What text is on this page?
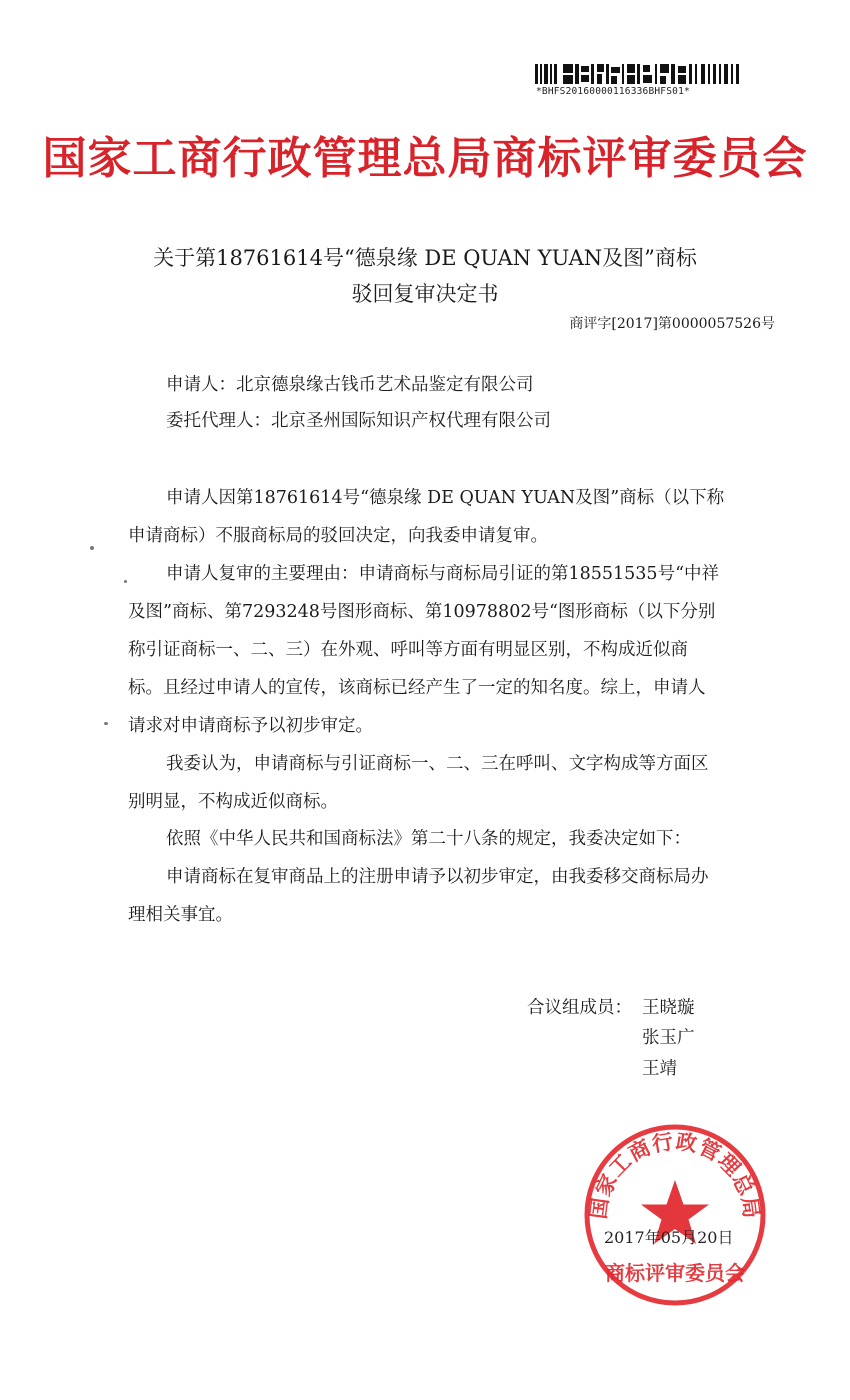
*BHFS20160000116336BHFS01*
国家工商行政管理总局商标评审委员会
关于第18761614号“德泉缘 DE QUAN YUAN及图”商标
驳回复审决定书
商评字[2017]第0000057526号
申请人：北京德泉缘古钱币艺术品鉴定有限公司
委托代理人：北京圣州国际知识产权代理有限公司
申请人因第18761614号“德泉缘 DE QUAN YUAN及图”商标（以下称
申请商标）不服商标局的驳回决定，向我委申请复审。
申请人复审的主要理由：申请商标与商标局引证的第18551535号“中祥
及图”商标、第7293248号图形商标、第10978802号“图形商标（以下分别
称引证商标一、二、三）在外观、呼叫等方面有明显区别，不构成近似商
标。且经过申请人的宣传，该商标已经产生了一定的知名度。综上，申请人
请求对申请商标予以初步审定。
我委认为，申请商标与引证商标一、二、三在呼叫、文字构成等方面区
别明显，不构成近似商标。
依照《中华人民共和国商标法》第二十八条的规定，我委决定如下：
申请商标在复审商品上的注册申请予以初步审定，由我委移交商标局办
理相关事宜。
合议组成员： 王晓璇
张玉广
王靖
国家工商行政管理总局
商标评审委员会
2017年05月20日
